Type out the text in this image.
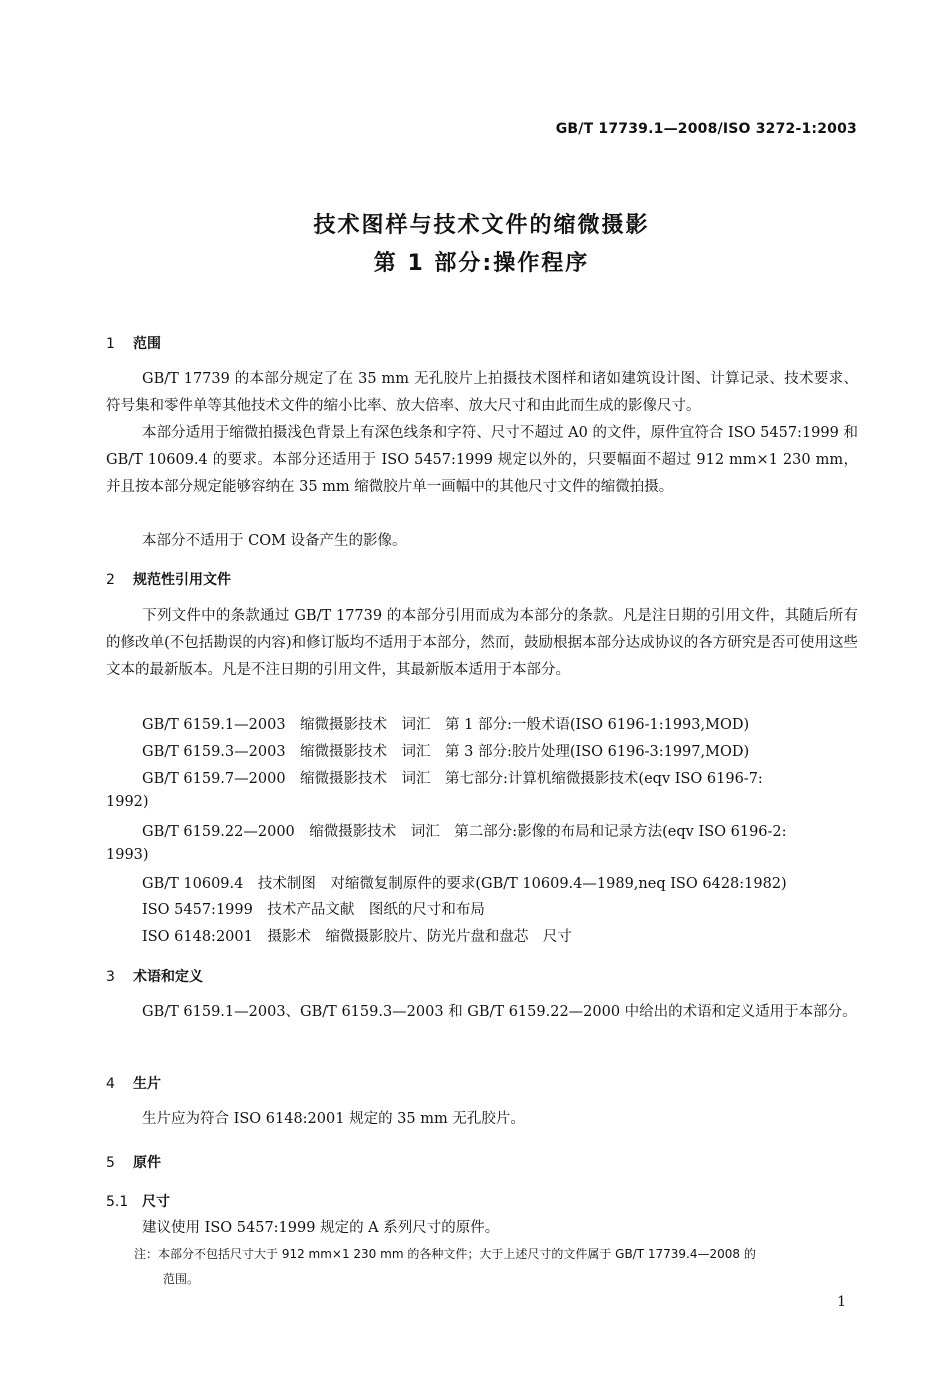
GB/T 17739.1—2008/ISO 3272-1:2003
技术图样与技术文件的缩微摄影
第 1 部分:操作程序
1 范围
GB/T 17739 的本部分规定了在 35 mm 无孔胶片上拍摄技术图样和诸如建筑设计图、计算记录、技术要求、符号集和零件单等其他技术文件的缩小比率、放大倍率、放大尺寸和由此而生成的影像尺寸。
本部分适用于缩微拍摄浅色背景上有深色线条和字符、尺寸不超过 A0 的文件，原件宜符合 ISO 5457:1999 和 GB/T 10609.4 的要求。本部分还适用于 ISO 5457:1999 规定以外的，只要幅面不超过 912 mm×1 230 mm，并且按本部分规定能够容纳在 35 mm 缩微胶片单一画幅中的其他尺寸文件的缩微拍摄。
本部分不适用于 COM 设备产生的影像。
2 规范性引用文件
下列文件中的条款通过 GB/T 17739 的本部分引用而成为本部分的条款。凡是注日期的引用文件，其随后所有的修改单(不包括勘误的内容)和修订版均不适用于本部分，然而，鼓励根据本部分达成协议的各方研究是否可使用这些文本的最新版本。凡是不注日期的引用文件，其最新版本适用于本部分。
GB/T 6159.1—2003　缩微摄影技术　词汇　第 1 部分:一般术语(ISO 6196-1:1993,MOD)
GB/T 6159.3—2003　缩微摄影技术　词汇　第 3 部分:胶片处理(ISO 6196-3:1997,MOD)
GB/T 6159.7—2000　缩微摄影技术　词汇　第七部分:计算机缩微摄影技术(eqv ISO 6196-7:
1992)
GB/T 6159.22—2000　缩微摄影技术　词汇　第二部分:影像的布局和记录方法(eqv ISO 6196-2:
1993)
GB/T 10609.4　技术制图　对缩微复制原件的要求(GB/T 10609.4—1989,neq ISO 6428:1982)
ISO 5457:1999　技术产品文献　图纸的尺寸和布局
ISO 6148:2001　摄影术　缩微摄影胶片、防光片盘和盘芯　尺寸
3 术语和定义
GB/T 6159.1—2003、GB/T 6159.3—2003 和 GB/T 6159.22—2000 中给出的术语和定义适用于本部分。
4 生片
生片应为符合 ISO 6148:2001 规定的 35 mm 无孔胶片。
5 原件
5.1 尺寸
建议使用 ISO 5457:1999 规定的 A 系列尺寸的原件。
注：本部分不包括尺寸大于 912 mm×1 230 mm 的各种文件；大于上述尺寸的文件属于 GB/T 17739.4—2008 的
范围。
1
